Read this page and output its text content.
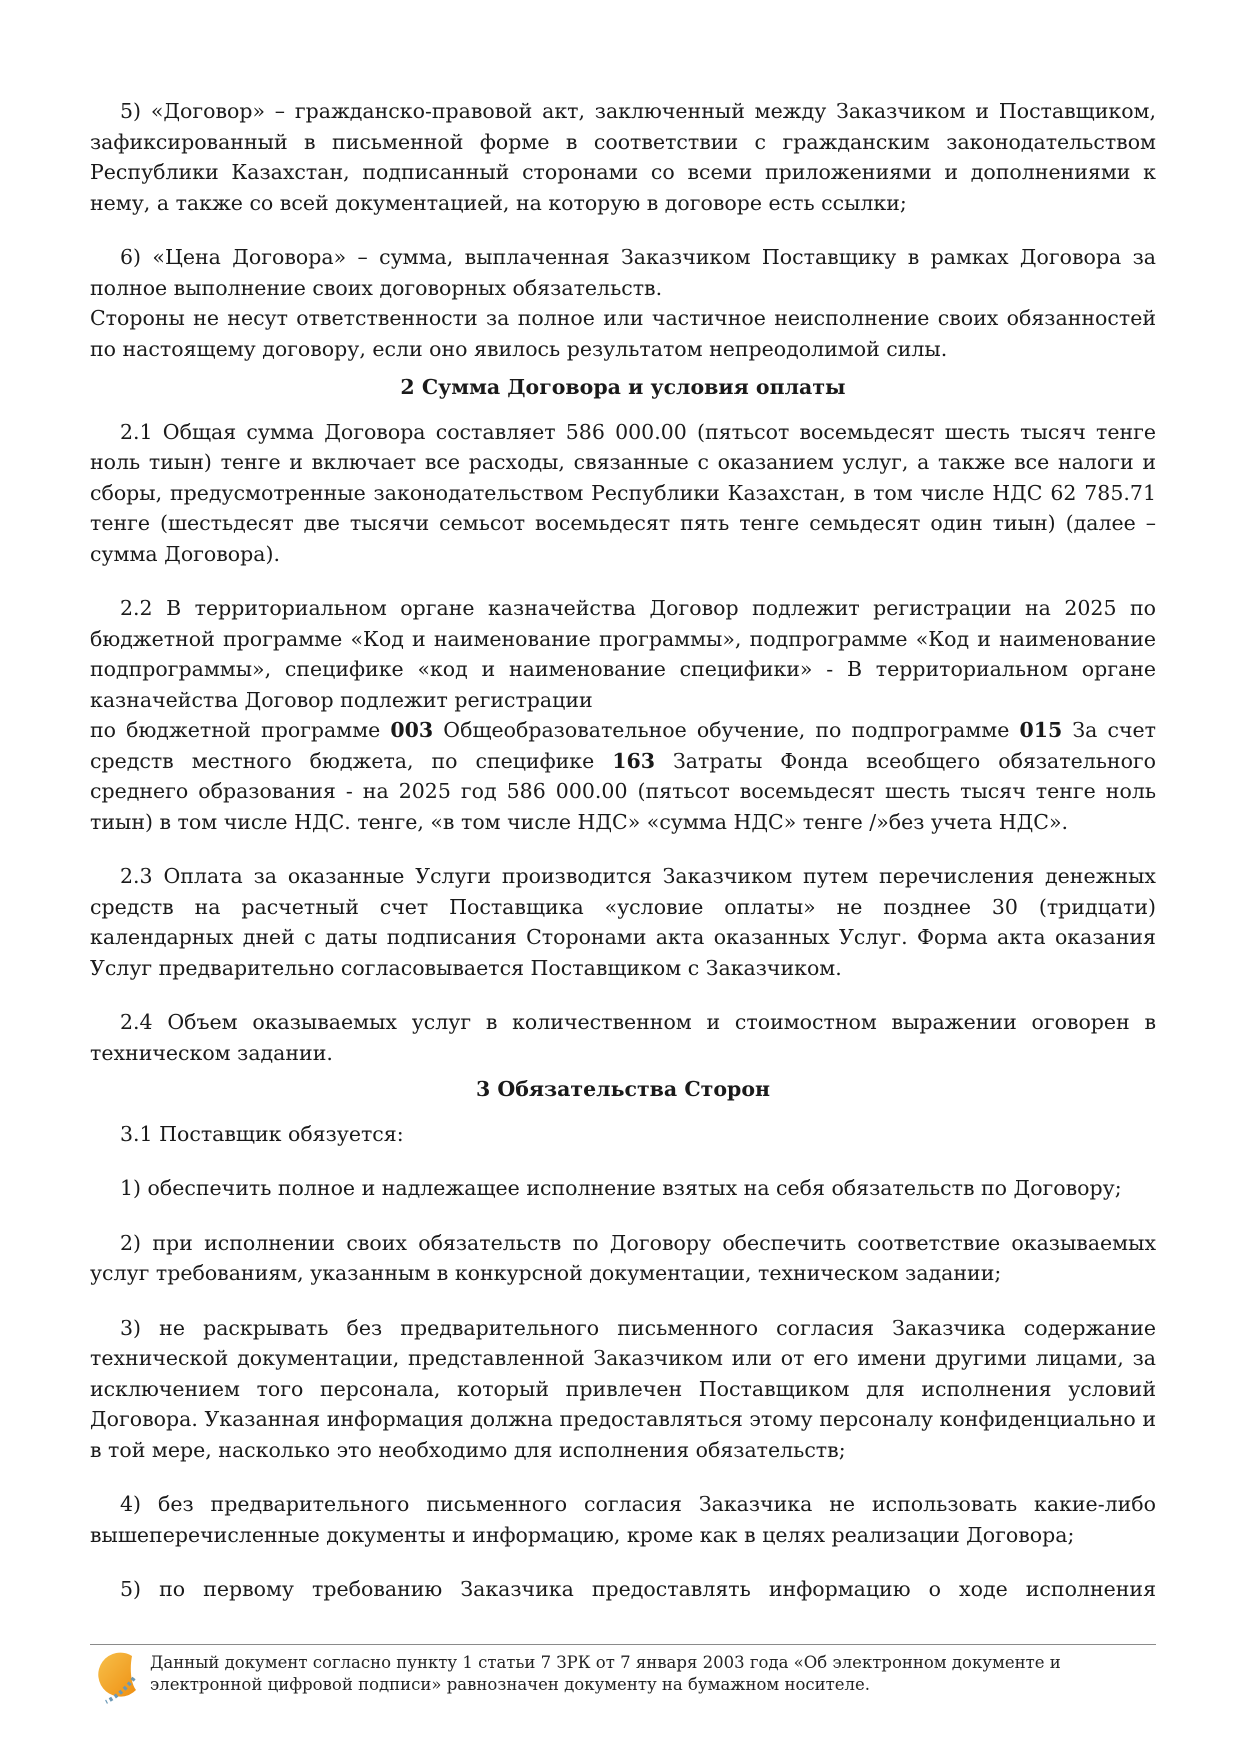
5) «Договор» – гражданско-правовой акт, заключенный между Заказчиком и Поставщиком, зафиксированный в письменной форме в соответствии с гражданским законодательством Республики Казахстан, подписанный сторонами со всеми приложениями и дополнениями к нему, а также со всей документацией, на которую в договоре есть ссылки;

6) «Цена Договора» – сумма, выплаченная Заказчиком Поставщику в рамках Договора за полное выполнение своих договорных обязательств.

Стороны не несут ответственности за полное или частичное неисполнение своих обязанностей по настоящему договору, если оно явилось результатом непреодолимой силы.

2 Сумма Договора и условия оплаты

2.1 Общая сумма Договора составляет 586 000.00 (пятьсот восемьдесят шесть тысяч тенге ноль тиын) тенге и включает все расходы, связанные с оказанием услуг, а также все налоги и сборы, предусмотренные законодательством Республики Казахстан, в том числе НДС 62 785.71 тенге (шестьдесят две тысячи семьсот восемьдесят пять тенге семьдесят один тиын) (далее – сумма Договора).

2.2 В территориальном органе казначейства Договор подлежит регистрации на 2025 по бюджетной программе «Код и наименование программы», подпрограмме «Код и наименование подпрограммы», специфике «код и наименование специфики» - В территориальном органе казначейства Договор подлежит регистрации

по бюджетной программе 003 Общеобразовательное обучение, по подпрограмме 015 За счет средств местного бюджета, по специфике 163 Затраты Фонда всеобщего обязательного среднего образования - на 2025 год 586 000.00 (пятьсот восемьдесят шесть тысяч тенге ноль тиын) в том числе НДС. тенге, «в том числе НДС» «сумма НДС» тенге /»без учета НДС».

2.3 Оплата за оказанные Услуги производится Заказчиком путем перечисления денежных средств на расчетный счет Поставщика «условие оплаты» не позднее 30 (тридцати) календарных дней с даты подписания Сторонами акта оказанных Услуг. Форма акта оказания Услуг предварительно согласовывается Поставщиком с Заказчиком.

2.4 Объем оказываемых услуг в количественном и стоимостном выражении оговорен в техническом задании.

3 Обязательства Сторон

3.1 Поставщик обязуется:

1) обеспечить полное и надлежащее исполнение взятых на себя обязательств по Договору;

2) при исполнении своих обязательств по Договору обеспечить соответствие оказываемых услуг требованиям, указанным в конкурсной документации, техническом задании;

3) не раскрывать без предварительного письменного согласия Заказчика содержание технической документации, представленной Заказчиком или от его имени другими лицами, за исключением того персонала, который привлечен Поставщиком для исполнения условий Договора. Указанная информация должна предоставляться этому персоналу конфиденциально и в той мере, насколько это необходимо для исполнения обязательств;

4) без предварительного письменного согласия Заказчика не использовать какие-либо вышеперечисленные документы и информацию, кроме как в целях реализации Договора;

5) по первому требованию Заказчика предоставлять информацию о ходе исполнения

Данный документ согласно пункту 1 статьи 7 ЗРК от 7 января 2003 года «Об электронном документе и электронной цифровой подписи» равнозначен документу на бумажном носителе.
